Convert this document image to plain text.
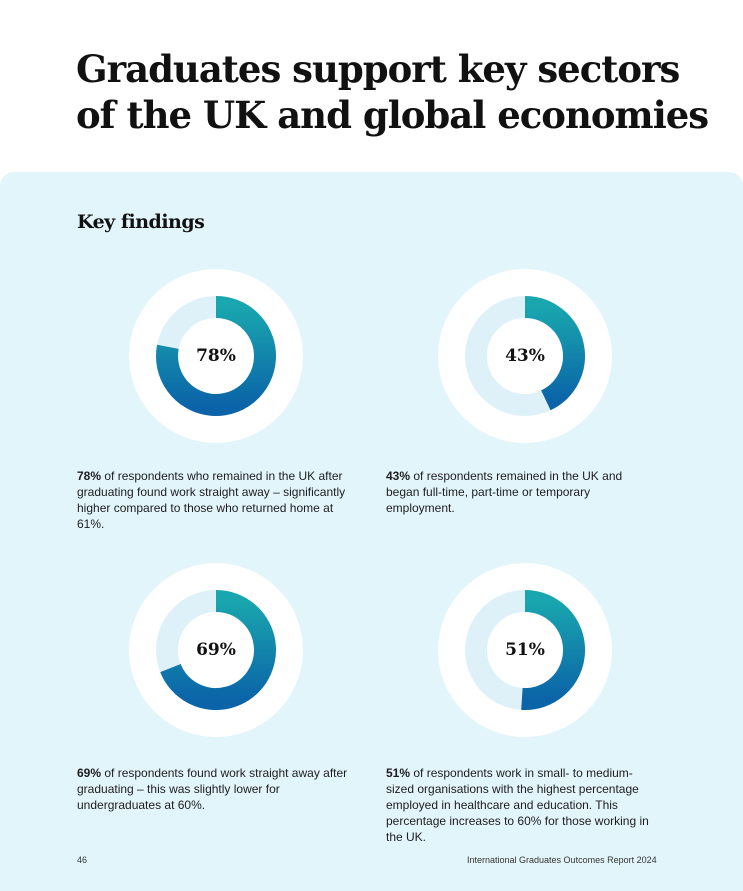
Graduates support key sectors of the UK and global economies
Key findings
78%

78% of respondents who remained in the UK after graduating found work straight away – significantly higher compared to those who returned home at 61%.

43%

43% of respondents remained in the UK and began full-time, part-time or temporary employment.

69%

69% of respondents found work straight away after graduating – this was slightly lower for undergraduates at 60%.

51%

51% of respondents work in small- to medium-sized organisations with the highest percentage employed in healthcare and education. This percentage increases to 60% for those working in the UK.

46	International Graduates Outcomes Report 2024
